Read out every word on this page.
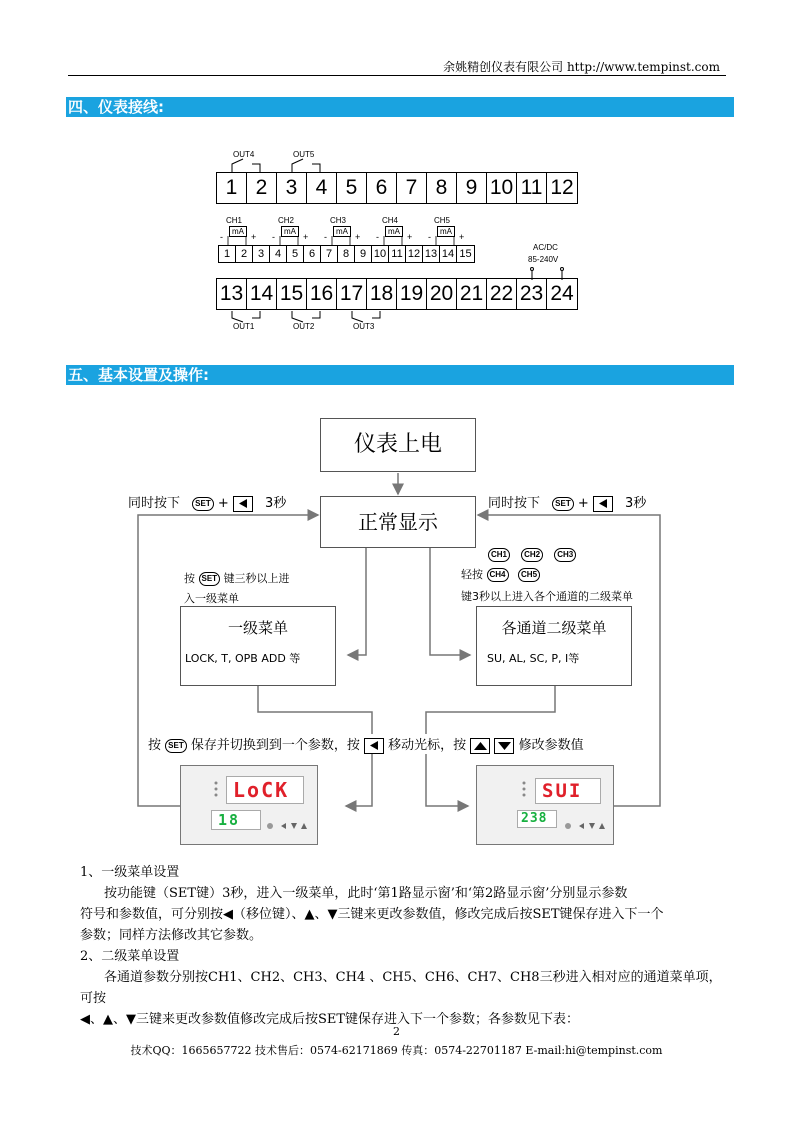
余姚精创仪表有限公司 http://www.tempinst.com
四、仪表接线:
OUT4	OUT5
1 2 3 4 5 6 7 8 9 10 11 12
CH1	CH2	CH3	CH4	CH5
mA	mA	mA	mA	mA
-	+ -	+ -	+ -	+ -	+
1 2 3 4 5 6 7 8 9 10 11 12 13 14 15
AC/DC
85-240V
13 14 15 16 17 18 19 20 21 22 23 24
OUT1	OUT2	OUT3
五、基本设置及操作:
仪表上电
正常显示
同时按下 SET +	3秒	同时按下 SET +	3秒
按 SET 键三秒以上进
入一级菜单
CH1 CH2 CH3
轻按 CH4 CH5
键3秒以上进入各个通道的二级菜单
一级菜单
LOCK, T, OPB ADD 等
各通道二级菜单
SU, AL, SC, P, I等
按 SET 保存并切换到到一个参数，按 移动光标，按
	修改参数值
LoCK
18
SUI
238
1、一级菜单设置
按功能键（SET键）3秒，进入一级菜单，此时‘第1路显示窗’和‘第2路显示窗’分别显示参数
符号和参数值，可分别按◀（移位键）、▲、▼三键来更改参数值，修改完成后按SET键保存进入下一个
参数；同样方法修改其它参数。
2、二级菜单设置
各通道参数分别按CH1、CH2、CH3、CH4 、CH5、CH6、CH7、CH8三秒进入相对应的通道菜单项，可按
◀、▲、▼三键来更改参数值修改完成后按SET键保存进入下一个参数；各参数见下表：
2
技术QQ：1665657722 技术售后：0574-62171869 传真：0574-22701187 E-mail:hi@tempinst.com
